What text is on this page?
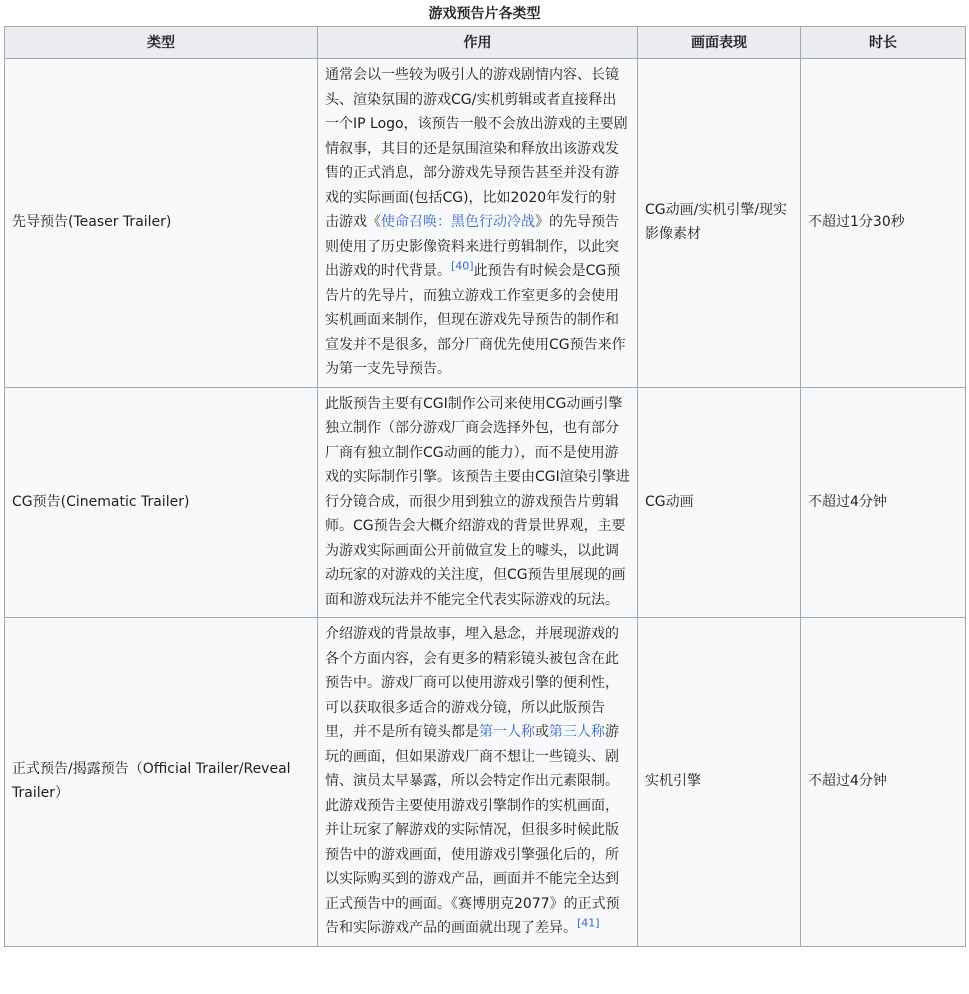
游戏预告片各类型
类型	作用	画面表现	时长
先导预告(Teaser Trailer)	通常会以一些较为吸引人的游戏剧情内容、长镜头、渲染氛围的游戏CG/实机剪辑或者直接释出一个IP Logo，该预告一般不会放出游戏的主要剧情叙事，其目的还是氛围渲染和释放出该游戏发售的正式消息，部分游戏先导预告甚至并没有游戏的实际画面(包括CG)，比如2020年发行的射击游戏《使命召唤：黑色行动冷战》的先导预告则使用了历史影像资料来进行剪辑制作，以此突出游戏的时代背景。[40]此预告有时候会是CG预告片的先导片，而独立游戏工作室更多的会使用实机画面来制作，但现在游戏先导预告的制作和宣发并不是很多，部分厂商优先使用CG预告来作为第一支先导预告。	CG动画/实机引擎/现实影像素材	不超过1分30秒
CG预告(Cinematic Trailer)	此版预告主要有CGI制作公司来使用CG动画引擎独立制作（部分游戏厂商会选择外包，也有部分厂商有独立制作CG动画的能力），而不是使用游戏的实际制作引擎。该预告主要由CGI渲染引擎进行分镜合成，而很少用到独立的游戏预告片剪辑师。CG预告会大概介绍游戏的背景世界观，主要为游戏实际画面公开前做宣发上的噱头，以此调动玩家的对游戏的关注度，但CG预告里展现的画面和游戏玩法并不能完全代表实际游戏的玩法。	CG动画	不超过4分钟
正式预告/揭露预告（Official Trailer/Reveal Trailer）	介绍游戏的背景故事，埋入悬念，并展现游戏的各个方面内容，会有更多的精彩镜头被包含在此预告中。游戏厂商可以使用游戏引擎的便利性，可以获取很多适合的游戏分镜，所以此版预告里，并不是所有镜头都是第一人称或第三人称游玩的画面，但如果游戏厂商不想让一些镜头、剧情、演员太早暴露，所以会特定作出元素限制。此游戏预告主要使用游戏引擎制作的实机画面，并让玩家了解游戏的实际情况，但很多时候此版预告中的游戏画面，使用游戏引擎强化后的，所以实际购买到的游戏产品，画面并不能完全达到正式预告中的画面。《赛博朋克2077》的正式预告和实际游戏产品的画面就出现了差异。[41]	实机引擎	不超过4分钟
